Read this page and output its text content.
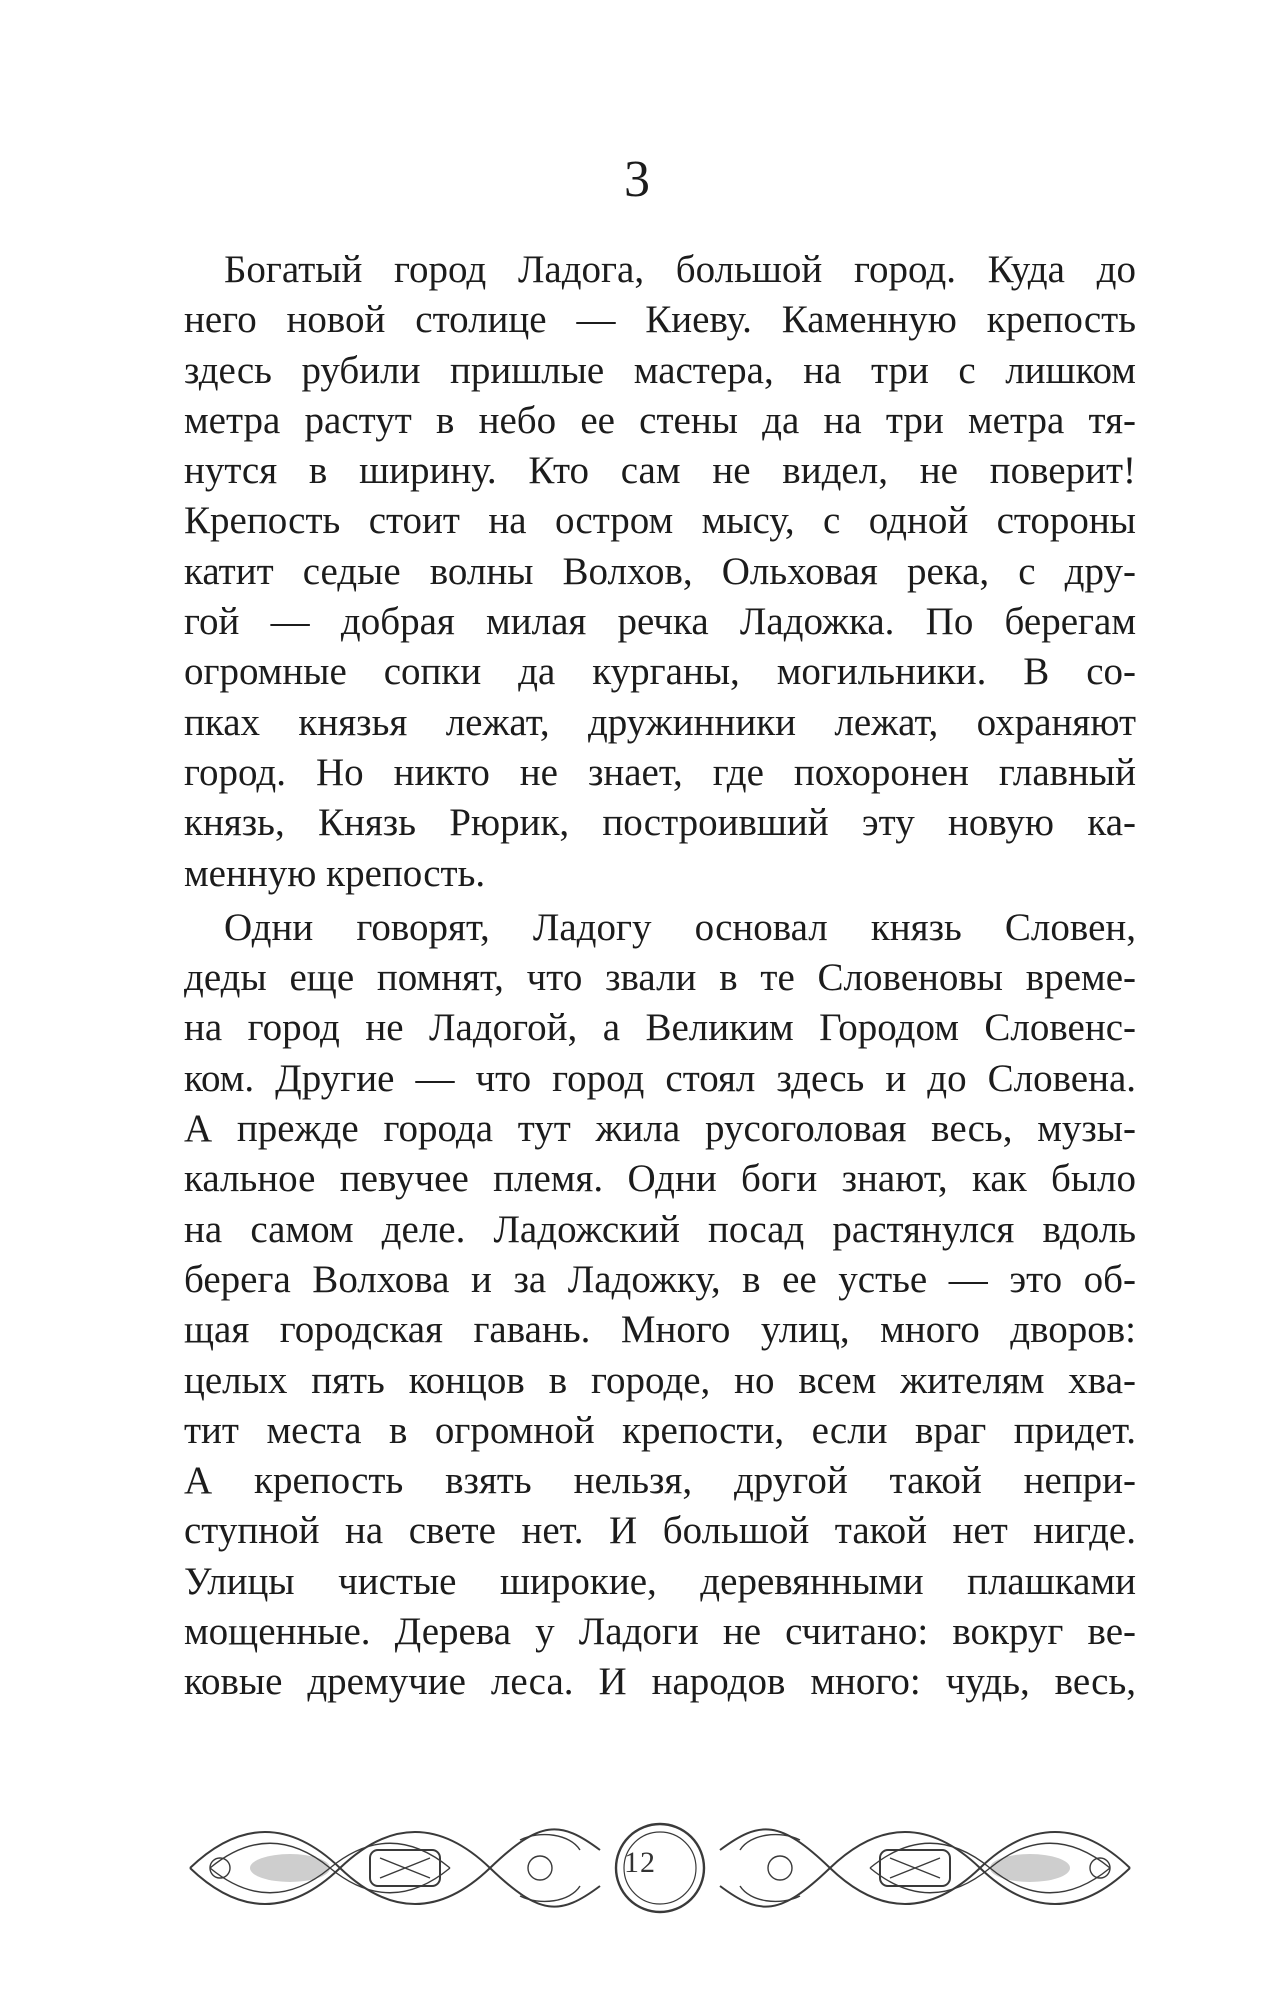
3
Богатый город Ладога, большой город. Куда до
него новой столице — Киеву. Каменную крепость
здесь рубили пришлые мастера, на три с лишком
метра растут в небо ее стены да на три метра тя-
нутся в ширину. Кто сам не видел, не поверит!
Крепость стоит на остром мысу, с одной стороны
катит седые волны Волхов, Ольховая река, с дру-
гой — добрая милая речка Ладожка. По берегам
огромные сопки да курганы, могильники. В со-
пках князья лежат, дружинники лежат, охраняют
город. Но никто не знает, где похоронен главный
князь, Князь Рюрик, построивший эту новую ка-
менную крепость.
Одни говорят, Ладогу основал князь Словен,
деды еще помнят, что звали в те Словеновы време-
на город не Ладогой, а Великим Городом Словенс-
ком. Другие — что город стоял здесь и до Словена.
А прежде города тут жила русоголовая весь, музы-
кальное певучее племя. Одни боги знают, как было
на самом деле. Ладожский посад растянулся вдоль
берега Волхова и за Ладожку, в ее устье — это об-
щая городская гавань. Много улиц, много дворов:
целых пять концов в городе, но всем жителям хва-
тит места в огромной крепости, если враг придет.
А крепость взять нельзя, другой такой непри-
ступной на свете нет. И большой такой нет нигде.
Улицы чистые широкие, деревянными плашками
мощенные. Дерева у Ладоги не считано: вокруг ве-
ковые дремучие леса. И народов много: чудь, весь,
12
